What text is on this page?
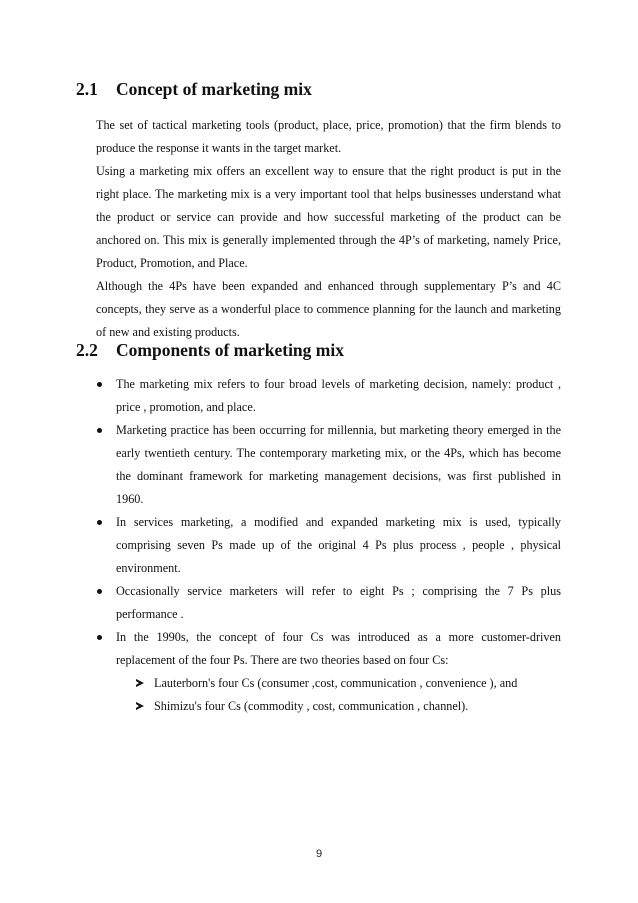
2.1 Concept of marketing mix
The set of tactical marketing tools (product, place, price, promotion) that the firm blends to produce the response it wants in the target market.
Using a marketing mix offers an excellent way to ensure that the right product is put in the right place. The marketing mix is a very important tool that helps businesses understand what the product or service can provide and how successful marketing of the product can be anchored on. This mix is generally implemented through the 4P’s of marketing, namely Price, Product, Promotion, and Place.
Although the 4Ps have been expanded and enhanced through supplementary P’s and 4C concepts, they serve as a wonderful place to commence planning for the launch and marketing of new and existing products.
2.2 Components of marketing mix
The marketing mix refers to four broad levels of marketing decision, namely: product , price , promotion, and place.
Marketing practice has been occurring for millennia, but marketing theory emerged in the early twentieth century. The contemporary marketing mix, or the 4Ps, which has become the dominant framework for marketing management decisions, was first published in 1960.
In services marketing, a modified and expanded marketing mix is used, typically comprising seven Ps made up of the original 4 Ps plus process , people , physical environment.
Occasionally service marketers will refer to eight Ps ; comprising the 7 Ps plus performance .
In the 1990s, the concept of four Cs was introduced as a more customer-driven replacement of the four Ps. There are two theories based on four Cs:
Lauterborn's four Cs (consumer ,cost, communication , convenience ), and
Shimizu's four Cs (commodity , cost, communication , channel).
9
